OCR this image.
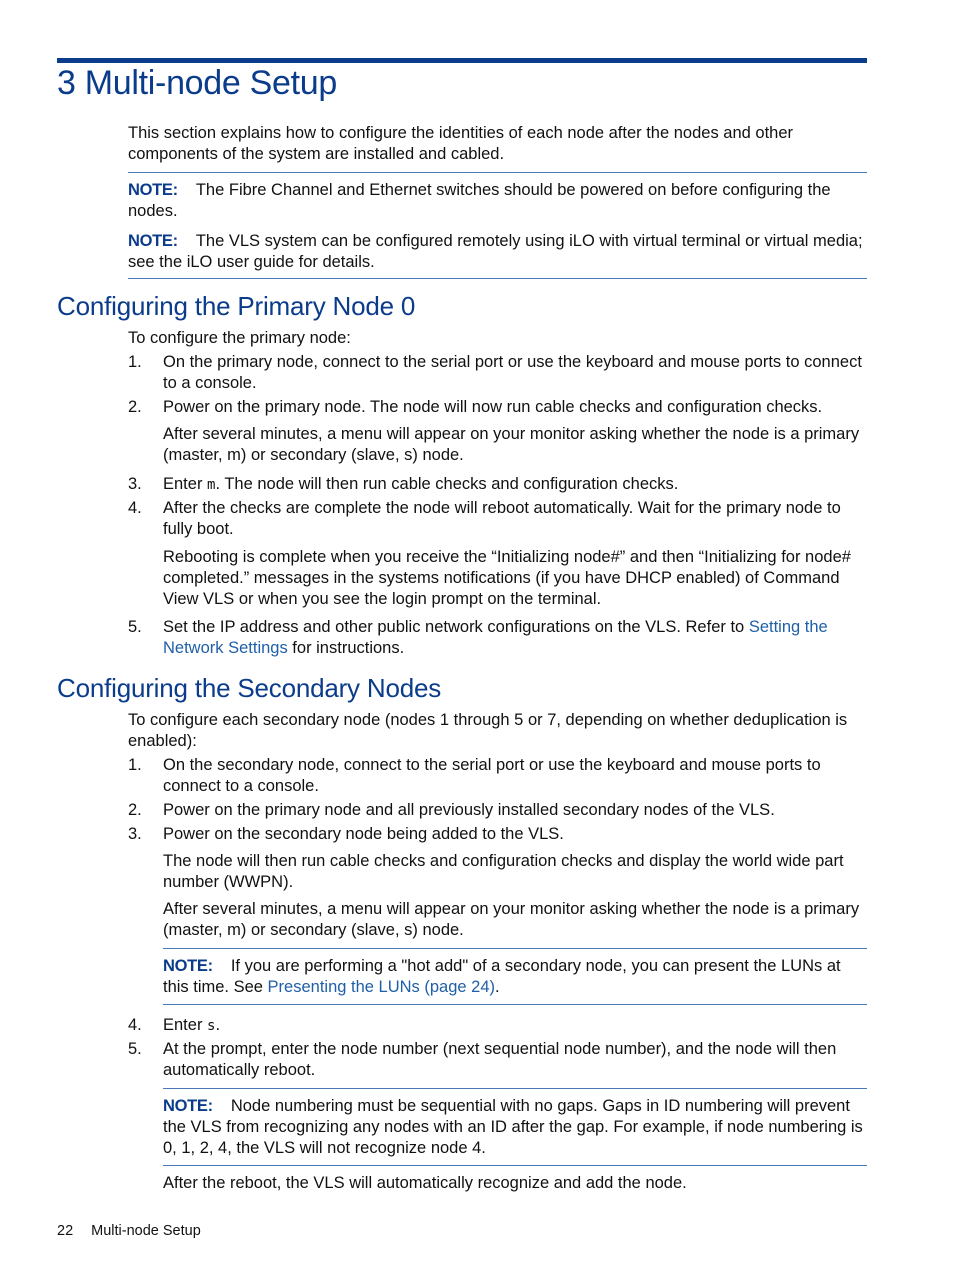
3 Multi-node Setup

This section explains how to configure the identities of each node after the nodes and other components of the system are installed and cabled.

NOTE: The Fibre Channel and Ethernet switches should be powered on before configuring the nodes.

NOTE: The VLS system can be configured remotely using iLO with virtual terminal or virtual media; see the iLO user guide for details.

Configuring the Primary Node 0

To configure the primary node:

1. On the primary node, connect to the serial port or use the keyboard and mouse ports to connect to a console.
2. Power on the primary node. The node will now run cable checks and configuration checks.

After several minutes, a menu will appear on your monitor asking whether the node is a primary (master, m) or secondary (slave, s) node.

3. Enter m. The node will then run cable checks and configuration checks.
4. After the checks are complete the node will reboot automatically. Wait for the primary node to fully boot.

Rebooting is complete when you receive the “Initializing node#” and then “Initializing for node# completed.” messages in the systems notifications (if you have DHCP enabled) of Command View VLS or when you see the login prompt on the terminal.

5. Set the IP address and other public network configurations on the VLS. Refer to Setting the Network Settings for instructions.
Configuring the Secondary Nodes

To configure each secondary node (nodes 1 through 5 or 7, depending on whether deduplication is enabled):

1. On the secondary node, connect to the serial port or use the keyboard and mouse ports to connect to a console.
2. Power on the primary node and all previously installed secondary nodes of the VLS.
3. Power on the secondary node being added to the VLS.

The node will then run cable checks and configuration checks and display the world wide part number (WWPN).

After several minutes, a menu will appear on your monitor asking whether the node is a primary (master, m) or secondary (slave, s) node.

NOTE: If you are performing a "hot add" of a secondary node, you can present the LUNs at this time. See Presenting the LUNs (page 24).

4. Enter s.
5. At the prompt, enter the node number (next sequential node number), and the node will then automatically reboot.

NOTE: Node numbering must be sequential with no gaps. Gaps in ID numbering will prevent the VLS from recognizing any nodes with an ID after the gap. For example, if node numbering is 0, 1, 2, 4, the VLS will not recognize node 4.

After the reboot, the VLS will automatically recognize and add the node.

22 Multi-node Setup
